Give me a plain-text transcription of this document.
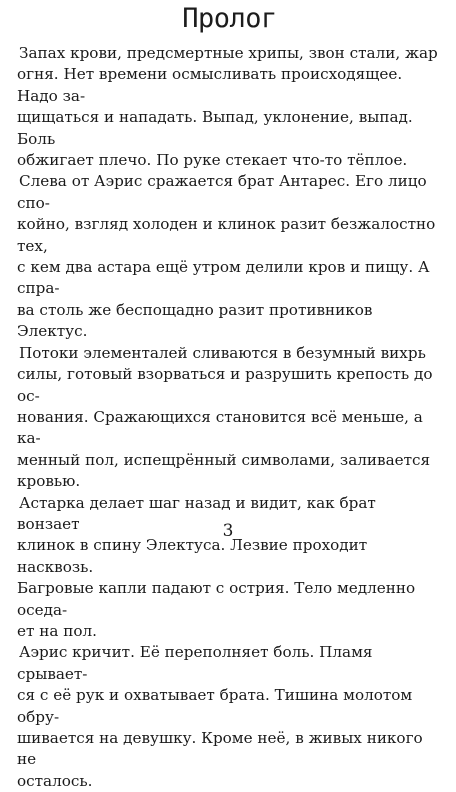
Пролог

Запах крови, предсмертные хрипы, звон стали, жар
огня. Нет времени осмысливать происходящее. Надо за-
щищаться и нападать. Выпад, уклонение, выпад. Боль
обжигает плечо. По руке стекает что-то тёплое.

Слева от Аэрис сражается брат Антарес. Его лицо спо-
койно, взгляд холоден и клинок разит безжалостно тех,
с кем два астара ещё утром делили кров и пищу. А спра-
ва столь же беспощадно разит противников Электус.

Потоки элементалей сливаются в безумный вихрь
силы, готовый взорваться и разрушить крепость до ос-
нования. Сражающихся становится всё меньше, а ка-
менный пол, испещрённый символами, заливается
кровью.

Астарка делает шаг назад и видит, как брат вонзает
клинок в спину Электуса. Лезвие проходит насквозь.
Багровые капли падают с острия. Тело медленно оседа-
ет на пол.

Аэрис кричит. Её переполняет боль. Пламя срывает-
ся с её рук и охватывает брата. Тишина молотом обру-
шивается на девушку. Кроме неё, в живых никого не
осталось.

3
